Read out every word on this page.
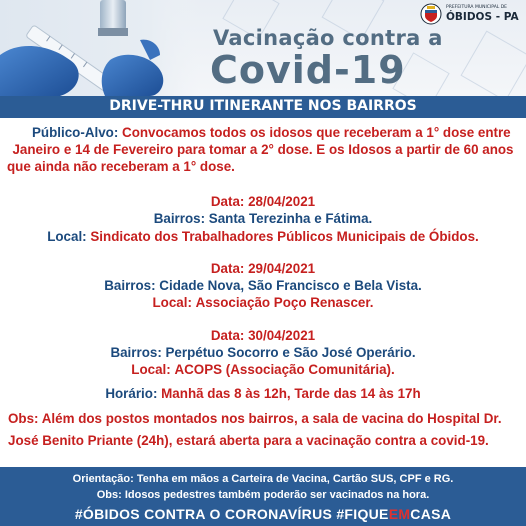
Vacinação contra a
Covid-19
PREFEITURA MUNICIPAL DE
ÓBIDOS - PA
DRIVE-THRU ITINERANTE NOS BAIRROS
Público-Alvo: Convocamos todos os idosos que receberam a 1° dose entre
Janeiro e 14 de Fevereiro para tomar a 2° dose. E os Idosos a partir de 60 anos
que ainda não receberam a 1° dose.
Data: 28/04/2021
Bairros: Santa Terezinha e Fátima.
Local: Sindicato dos Trabalhadores Públicos Municipais de Óbidos.
Data: 29/04/2021
Bairros: Cidade Nova, São Francisco e Bela Vista.
Local: Associação Poço Renascer.
Data: 30/04/2021
Bairros: Perpétuo Socorro e São José Operário.
Local: ACOPS (Associação Comunitária).
Horário: Manhã das 8 às 12h, Tarde das 14 às 17h
Obs: Além dos postos montados nos bairros, a sala de vacina do Hospital Dr.
José Benito Priante (24h), estará aberta para a vacinação contra a covid-19.
Orientação: Tenha em mãos a Carteira de Vacina, Cartão SUS, CPF e RG.
Obs: Idosos pedestres também poderão ser vacinados na hora.
#ÓBIDOS CONTRA O CORONAVÍRUS #FIQUEEMCASA
